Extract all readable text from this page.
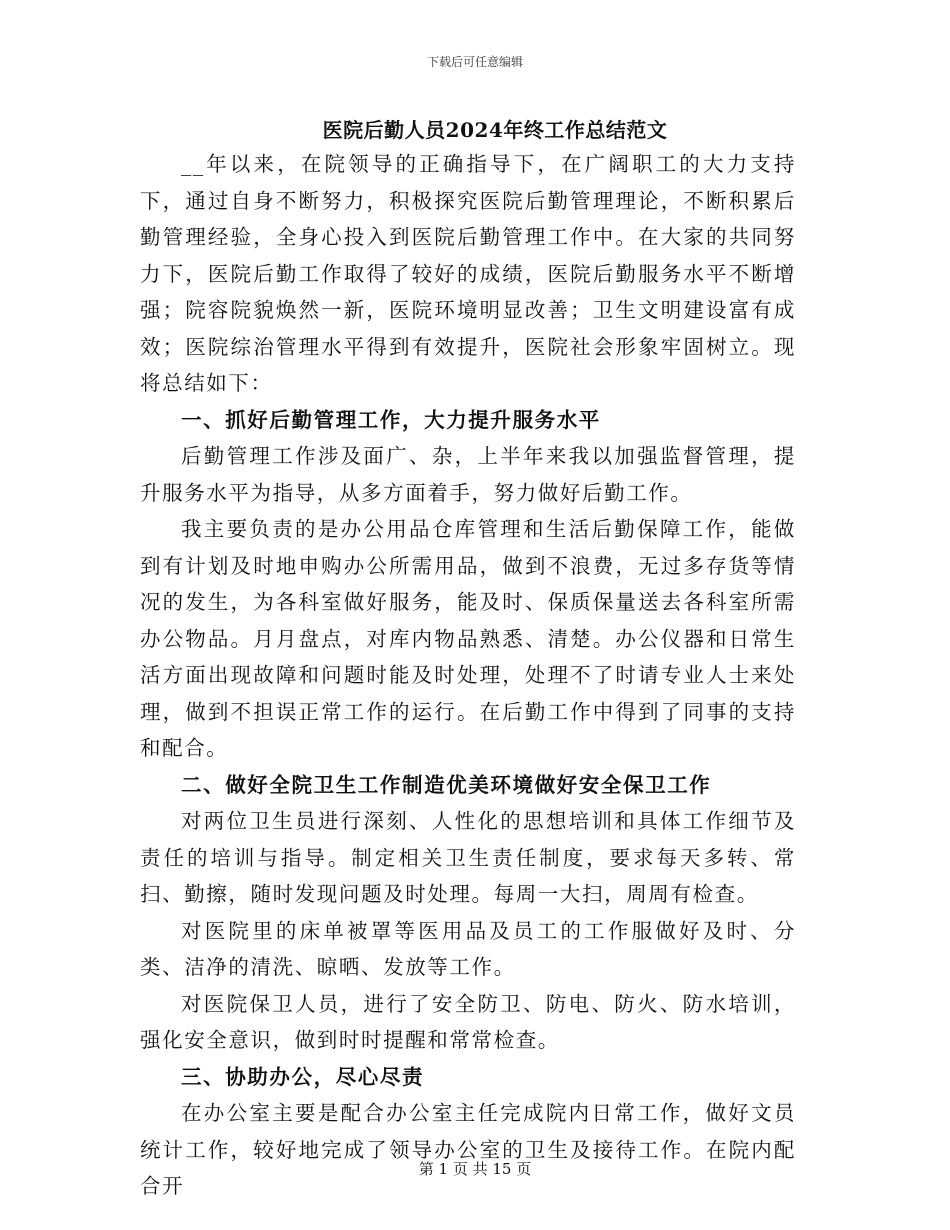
下载后可任意编辑
医院后勤人员2024年终工作总结范文

__年以来，在院领导的正确指导下，在广阔职工的大力支持下，通过自身不断努力，积极探究医院后勤管理理论，不断积累后勤管理经验，全身心投入到医院后勤管理工作中。在大家的共同努力下，医院后勤工作取得了较好的成绩，医院后勤服务水平不断增强；院容院貌焕然一新，医院环境明显改善；卫生文明建设富有成效；医院综治管理水平得到有效提升，医院社会形象牢固树立。现将总结如下：

一、抓好后勤管理工作，大力提升服务水平

后勤管理工作涉及面广、杂，上半年来我以加强监督管理，提升服务水平为指导，从多方面着手，努力做好后勤工作。

我主要负责的是办公用品仓库管理和生活后勤保障工作，能做到有计划及时地申购办公所需用品，做到不浪费，无过多存货等情况的发生，为各科室做好服务，能及时、保质保量送去各科室所需办公物品。月月盘点，对库内物品熟悉、清楚。办公仪器和日常生活方面出现故障和问题时能及时处理，处理不了时请专业人士来处理，做到不担误正常工作的运行。在后勤工作中得到了同事的支持和配合。

二、做好全院卫生工作制造优美环境做好安全保卫工作

对两位卫生员进行深刻、人性化的思想培训和具体工作细节及责任的培训与指导。制定相关卫生责任制度，要求每天多转、常扫、勤擦，随时发现问题及时处理。每周一大扫，周周有检查。

对医院里的床单被罩等医用品及员工的工作服做好及时、分类、洁净的清洗、晾晒、发放等工作。

对医院保卫人员，进行了安全防卫、防电、防火、防水培训，强化安全意识，做到时时提醒和常常检查。

三、协助办公，尽心尽责

在办公室主要是配合办公室主任完成院内日常工作，做好文员统计工作，较好地完成了领导办公室的卫生及接待工作。在院内配合开

第 1 页 共 15 页
